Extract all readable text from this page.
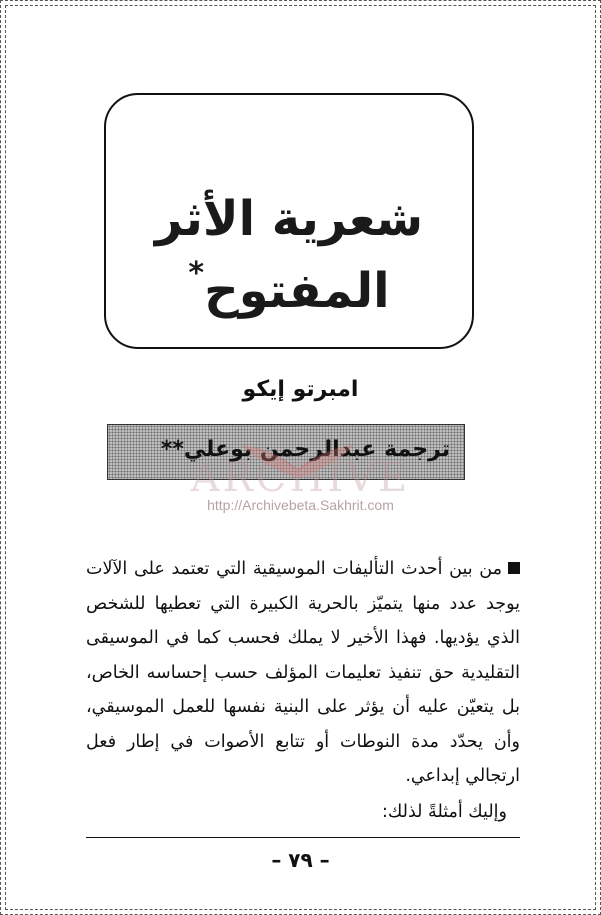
شعرية الأثر
المفتوح*
امبرتو إيكو
ترجمة عبدالرحمن بوعلي**
ARCHIVE
http://Archivebeta.Sakhrit.com

من بين أحدث التأليفات الموسيقية التي تعتمد على الآلات يوجد عدد منها يتميّز بالحرية الكبيرة التي تعطيها للشخص الذي يؤديها. فهذا الأخير لا يملك فحسب كما في الموسيقى التقليدية حق تنفيذ تعليمات المؤلف حسب إحساسه الخاص، بل يتعيّن عليه أن يؤثر على البنية نفسها للعمل الموسيقي، وأن يحدّد مدة النوطات أو تتابع الأصوات في إطار فعل ارتجالي إبداعي.

وإليك أمثلةً لذلك:
– ٧٩ –
